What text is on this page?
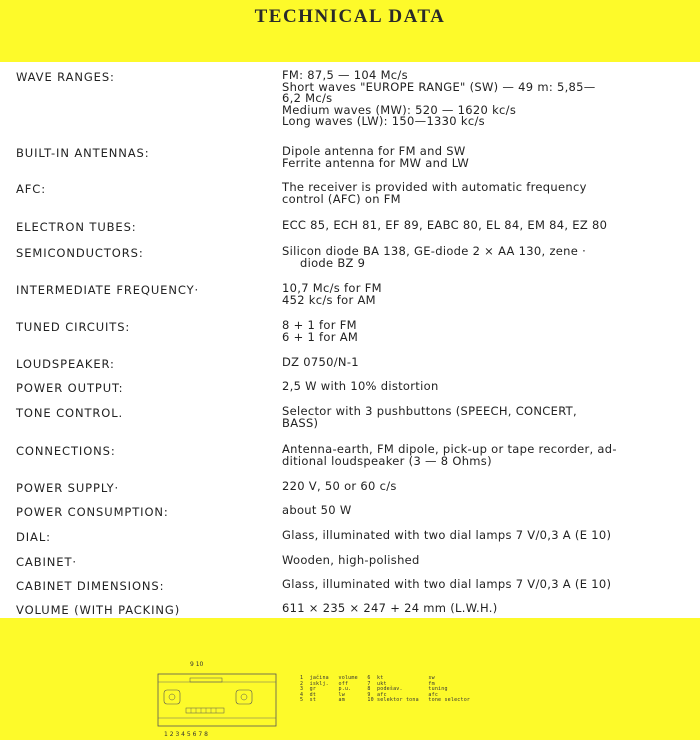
TECHNICAL DATA
WAVE RANGES:	FM: 87,5 — 104 Mc/s
Short waves "EUROPE RANGE" (SW) — 49 m: 5,85—
6,2 Mc/s
Medium waves (MW): 520 — 1620 kc/s
Long waves (LW): 150—1330 kc/s
BUILT-IN ANTENNAS:	Dipole antenna for FM and SW
Ferrite antenna for MW and LW
AFC:	The receiver is provided with automatic frequency
control (AFC) on FM
ELECTRON TUBES:	ECC 85, ECH 81, EF 89, EABC 80, EL 84, EM 84, EZ 80
SEMICONDUCTORS:	Silicon diode BA 138, GE-diode 2 × AA 130, zene ·
diode BZ 9
INTERMEDIATE FREQUENCY·	10,7 Mc/s for FM
452 kc/s for AM
TUNED CIRCUITS:	8 + 1 for FM
6 + 1 for AM
LOUDSPEAKER:	DZ 0750/N-1
POWER OUTPUT:	2,5 W with 10% distortion
TONE CONTROL.	Selector with 3 pushbuttons (SPEECH, CONCERT,
BASS)
CONNECTIONS:	Antenna-earth, FM dipole, pick-up or tape recorder, ad-
ditional loudspeaker (3 — 8 Ohms)
POWER SUPPLY·	220 V, 50 or 60 c/s
POWER CONSUMPTION:	about 50 W
DIAL:	Glass, illuminated with two dial lamps 7 V/0,3 A (E 10)
CABINET·	Wooden, high-polished
CABINET DIMENSIONS:	Glass, illuminated with two dial lamps 7 V/0,3 A (E 10)
VOLUME (WITH PACKING)	611 × 235 × 247 + 24 mm (L.W.H.)
9 10
1 2 3 4 5 6 7 8
1  jačina   volume   6  kt              sw
2  isklj.   off      7  ukt             fm
3  gr       p.u.     8  podešav.        tuning
4  dt       lw       9  afc             afc
5  st       am       10 selektor tona   tone selector
